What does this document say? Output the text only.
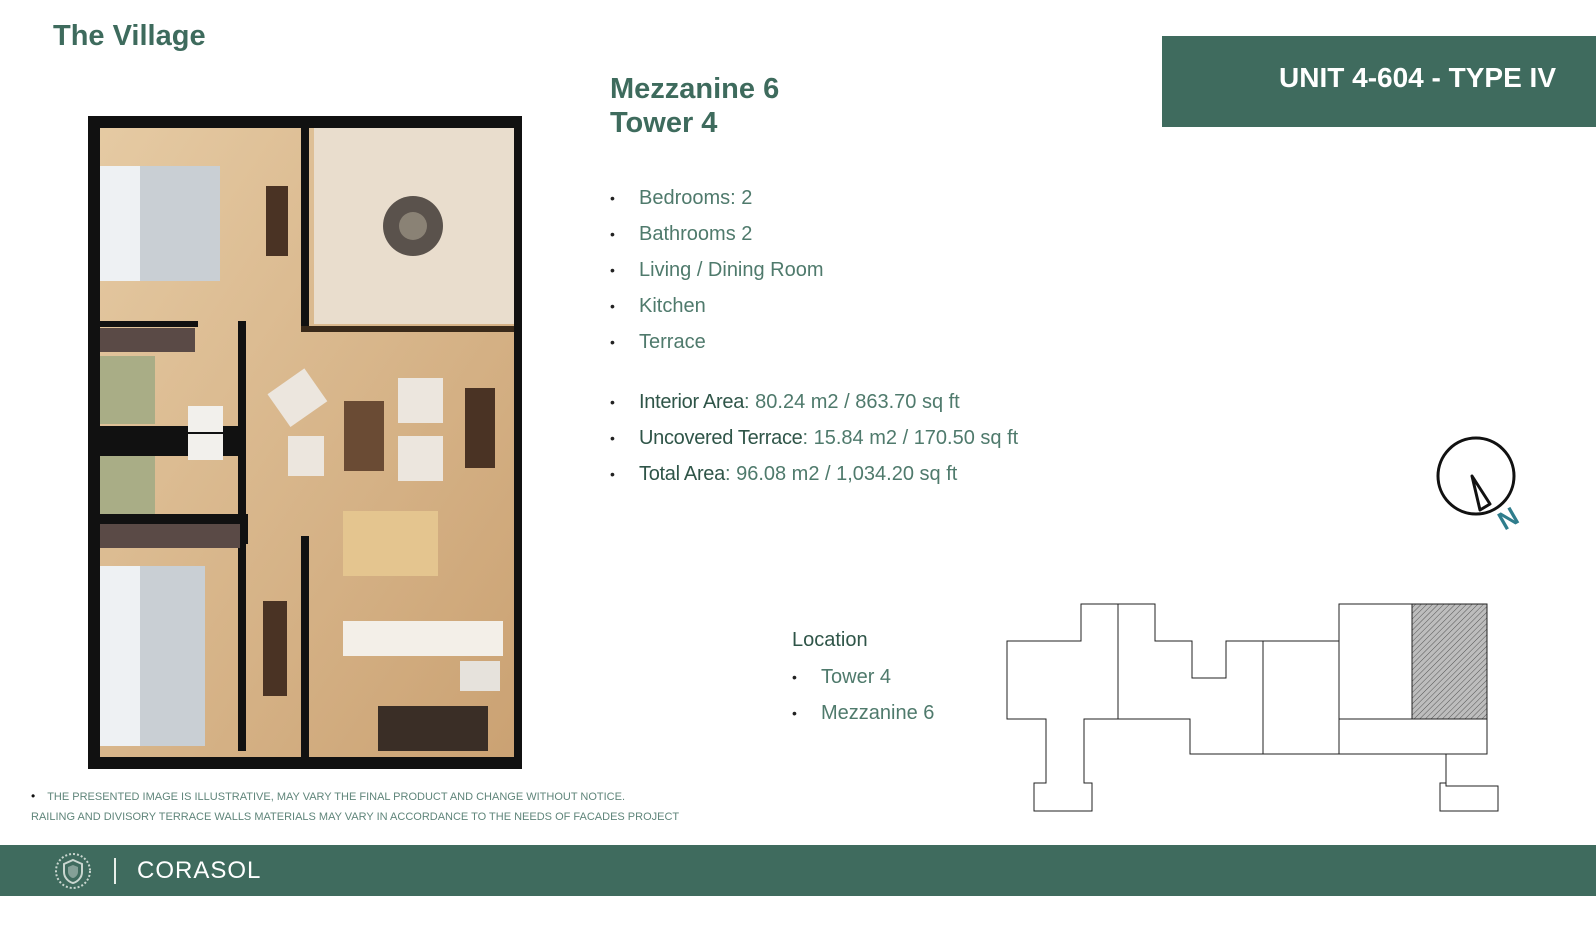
The Village
Mezzanine 6
Tower 4
UNIT 4-604 - TYPE IV
• Bedrooms: 2
• Bathrooms 2
• Living / Dining Room
• Kitchen
• Terrace
• Interior Area: 80.24 m2 / 863.70 sq ft
• Uncovered Terrace: 15.84 m2 / 170.50 sq ft
• Total Area: 96.08 m2 / 1,034.20 sq ft
N
Location
• Tower 4
• Mezzanine 6
• THE PRESENTED IMAGE IS ILLUSTRATIVE, MAY VARY THE FINAL PRODUCT AND CHANGE WITHOUT NOTICE.
RAILING AND DIVISORY TERRACE WALLS MATERIALS MAY VARY IN ACCORDANCE TO THE NEEDS OF FACADES PROJECT
CORASOL
